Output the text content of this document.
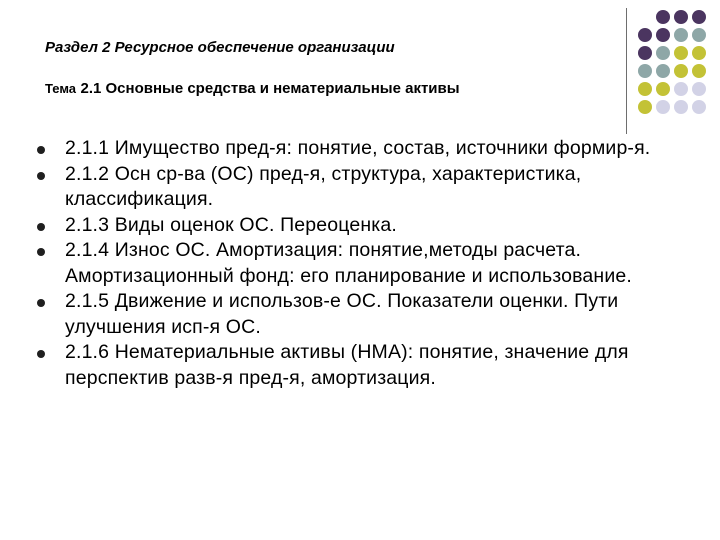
Раздел 2 Ресурсное обеспечение организации
Тема 2.1 Основные средства и нематериальные активы
2.1.1 Имущество пред-я: понятие, состав, источники формир-я.
2.1.2 Осн ср-ва (ОС) пред-я, структура, характеристика, классификация.
2.1.3 Виды оценок ОС. Переоценка.
2.1.4 Износ ОС. Амортизация: понятие,методы расчета. Амортизационный фонд: его планирование и использование.
2.1.5 Движение и использов-е ОС. Показатели оценки. Пути улучшения исп-я ОС.
2.1.6 Нематериальные активы (НМА): понятие, значение для перспектив разв-я пред-я, амортизация.
